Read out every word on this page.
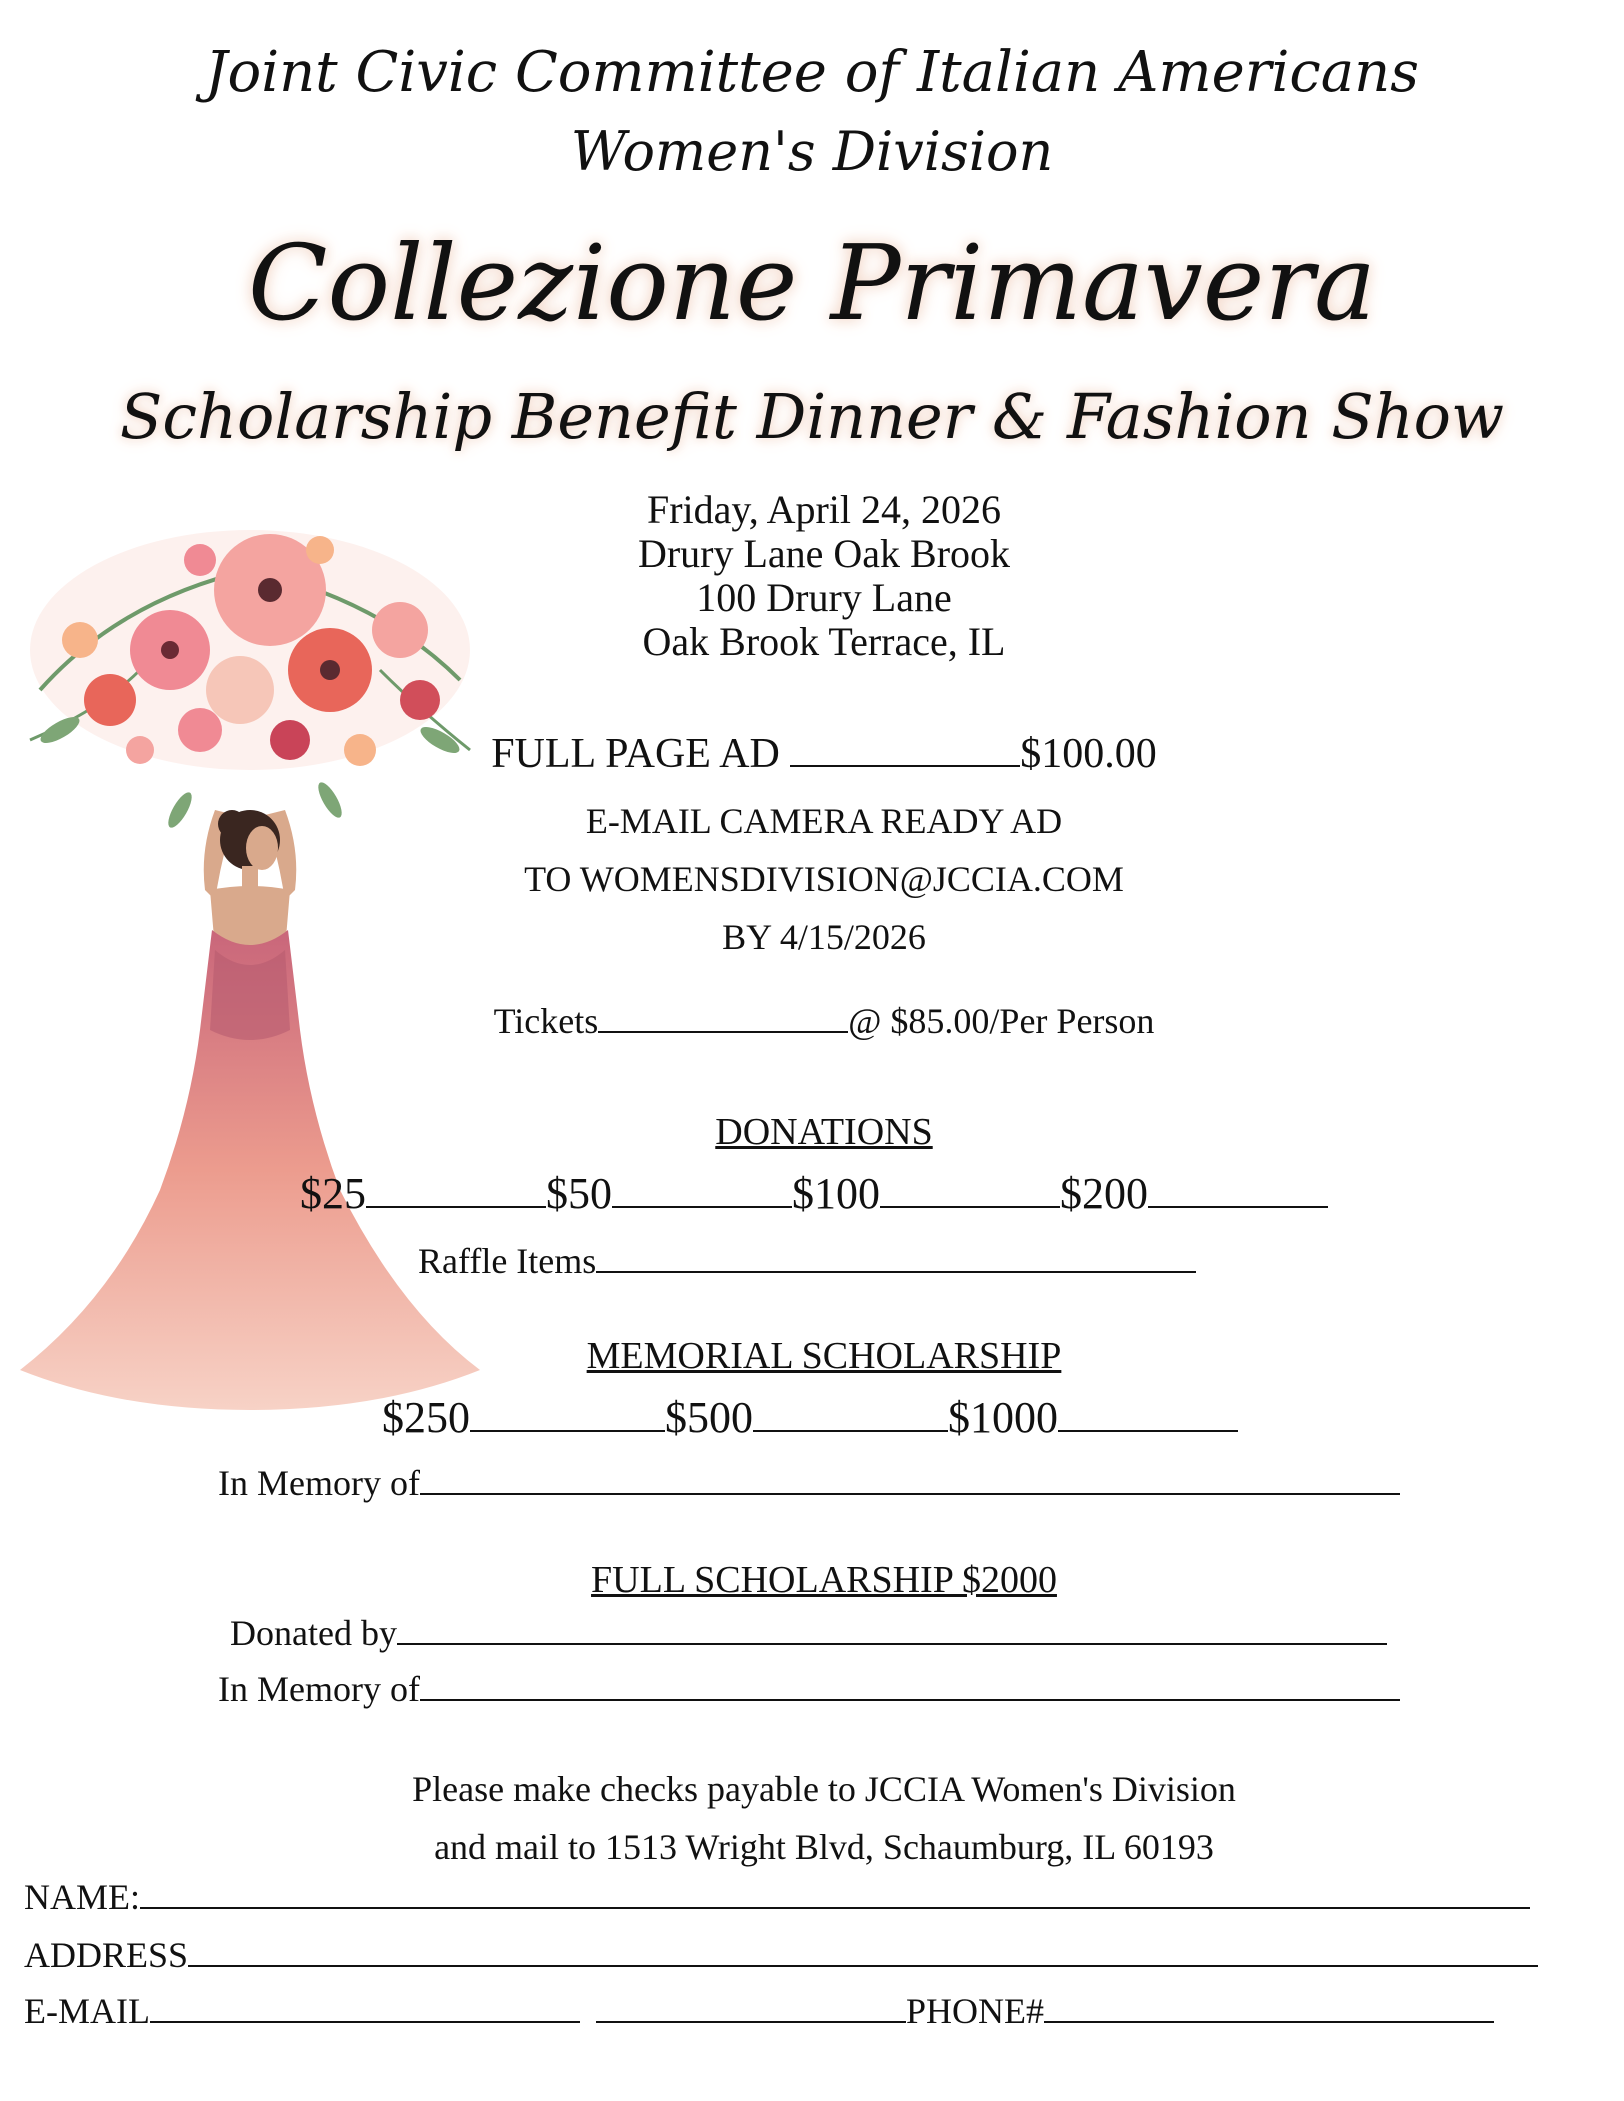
Joint Civic Committee of Italian Americans
Women's Division
Collezione Primavera
Scholarship Benefit Dinner & Fashion Show
Friday, April 24, 2026
Drury Lane Oak Brook
100 Drury Lane
Oak Brook Terrace, IL
FULL PAGE AD	$100.00
E-MAIL CAMERA READY AD
TO WOMENSDIVISION@JCCIA.COM
BY 4/15/2026
Tickets	@ $85.00/Per Person
DONATIONS
$25	$50	$100	$200
Raffle Items
MEMORIAL SCHOLARSHIP
$250	$500	$1000
In Memory of
FULL SCHOLARSHIP $2000
Donated by
In Memory of
Please make checks payable to JCCIA Women's Division
and mail to 1513 Wright Blvd, Schaumburg, IL 60193
NAME:
ADDRESS
E-MAIL	PHONE#
